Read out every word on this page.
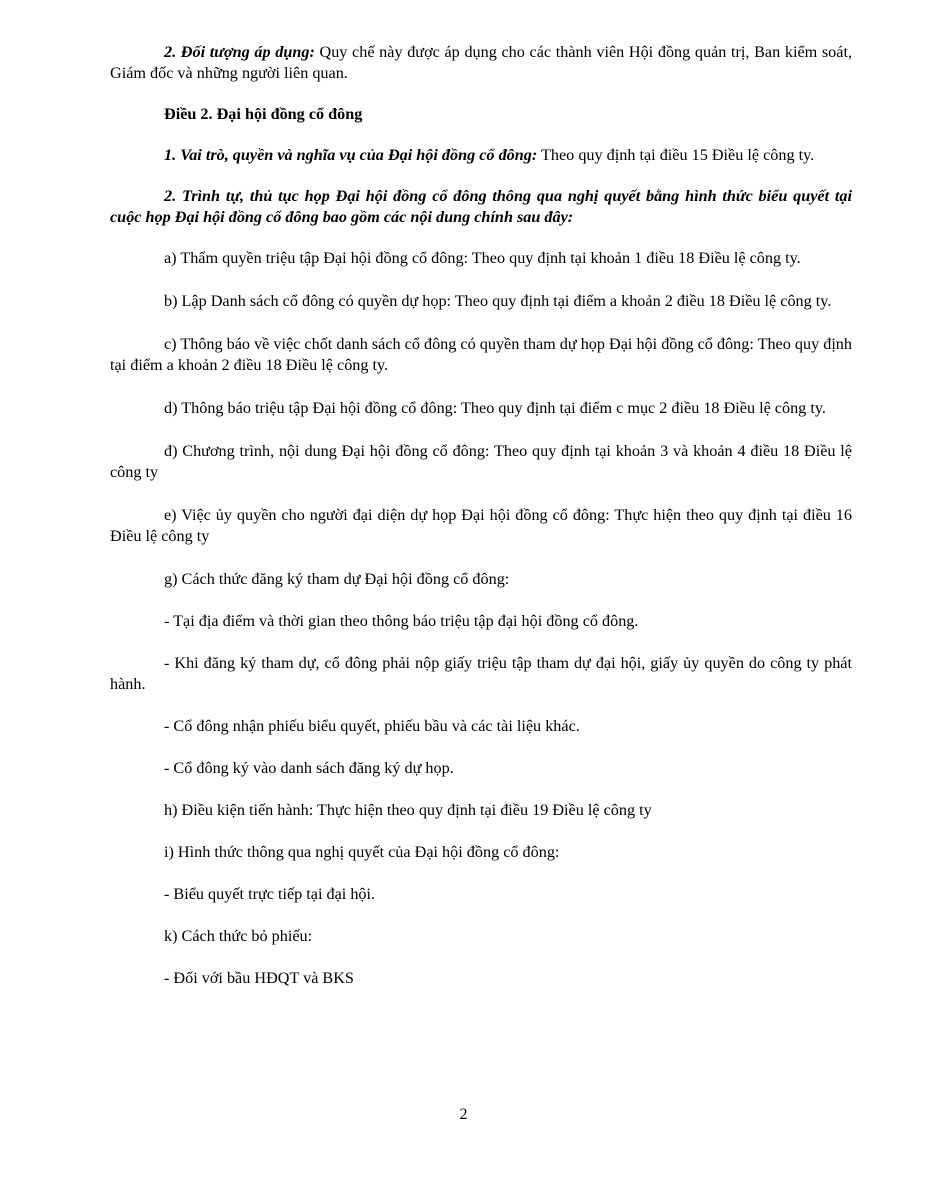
2. Đối tượng áp dụng: Quy chế này được áp dụng cho các thành viên Hội đồng quản trị, Ban kiểm soát, Giám đốc và những người liên quan.

Điều 2. Đại hội đồng cổ đông

1. Vai trò, quyền và nghĩa vụ của Đại hội đồng cổ đông: Theo quy định tại điều 15 Điều lệ công ty.

2. Trình tự, thủ tục họp Đại hội đồng cổ đông thông qua nghị quyết bằng hình thức biểu quyết tại cuộc họp Đại hội đồng cổ đông bao gồm các nội dung chính sau đây:

a) Thẩm quyền triệu tập Đại hội đồng cổ đông: Theo quy định tại khoản 1 điều 18 Điều lệ công ty.

b) Lập Danh sách cổ đông có quyền dự họp: Theo quy định tại điểm a khoản 2 điều 18 Điều lệ công ty.

c) Thông báo về việc chốt danh sách cổ đông có quyền tham dự họp Đại hội đồng cổ đông: Theo quy định tại điểm a khoản 2 điều 18 Điều lệ công ty.

d) Thông báo triệu tập Đại hội đồng cổ đông: Theo quy định tại điểm c mục 2 điều 18 Điều lệ công ty.

đ) Chương trình, nội dung Đại hội đồng cổ đông: Theo quy định tại khoản 3 và khoản 4 điều 18 Điều lệ công ty

e) Việc ủy quyền cho người đại diện dự họp Đại hội đồng cổ đông: Thực hiện theo quy định tại điều 16 Điều lệ công ty

g) Cách thức đăng ký tham dự Đại hội đồng cổ đông:

- Tại địa điểm và thời gian theo thông báo triệu tập đại hội đồng cổ đông.

- Khi đăng ký tham dự, cổ đông phải nộp giấy triệu tập tham dự đại hội, giấy ủy quyền do công ty phát hành.

- Cổ đông nhận phiếu biểu quyết, phiếu bầu và các tài liệu khác.

- Cổ đông ký vào danh sách đăng ký dự họp.

h) Điều kiện tiến hành: Thực hiện theo quy định tại điều 19 Điều lệ công ty

i) Hình thức thông qua nghị quyết của Đại hội đồng cổ đông:

- Biểu quyết trực tiếp tại đại hội.

k) Cách thức bỏ phiếu:

- Đối với bầu HĐQT và BKS

2
